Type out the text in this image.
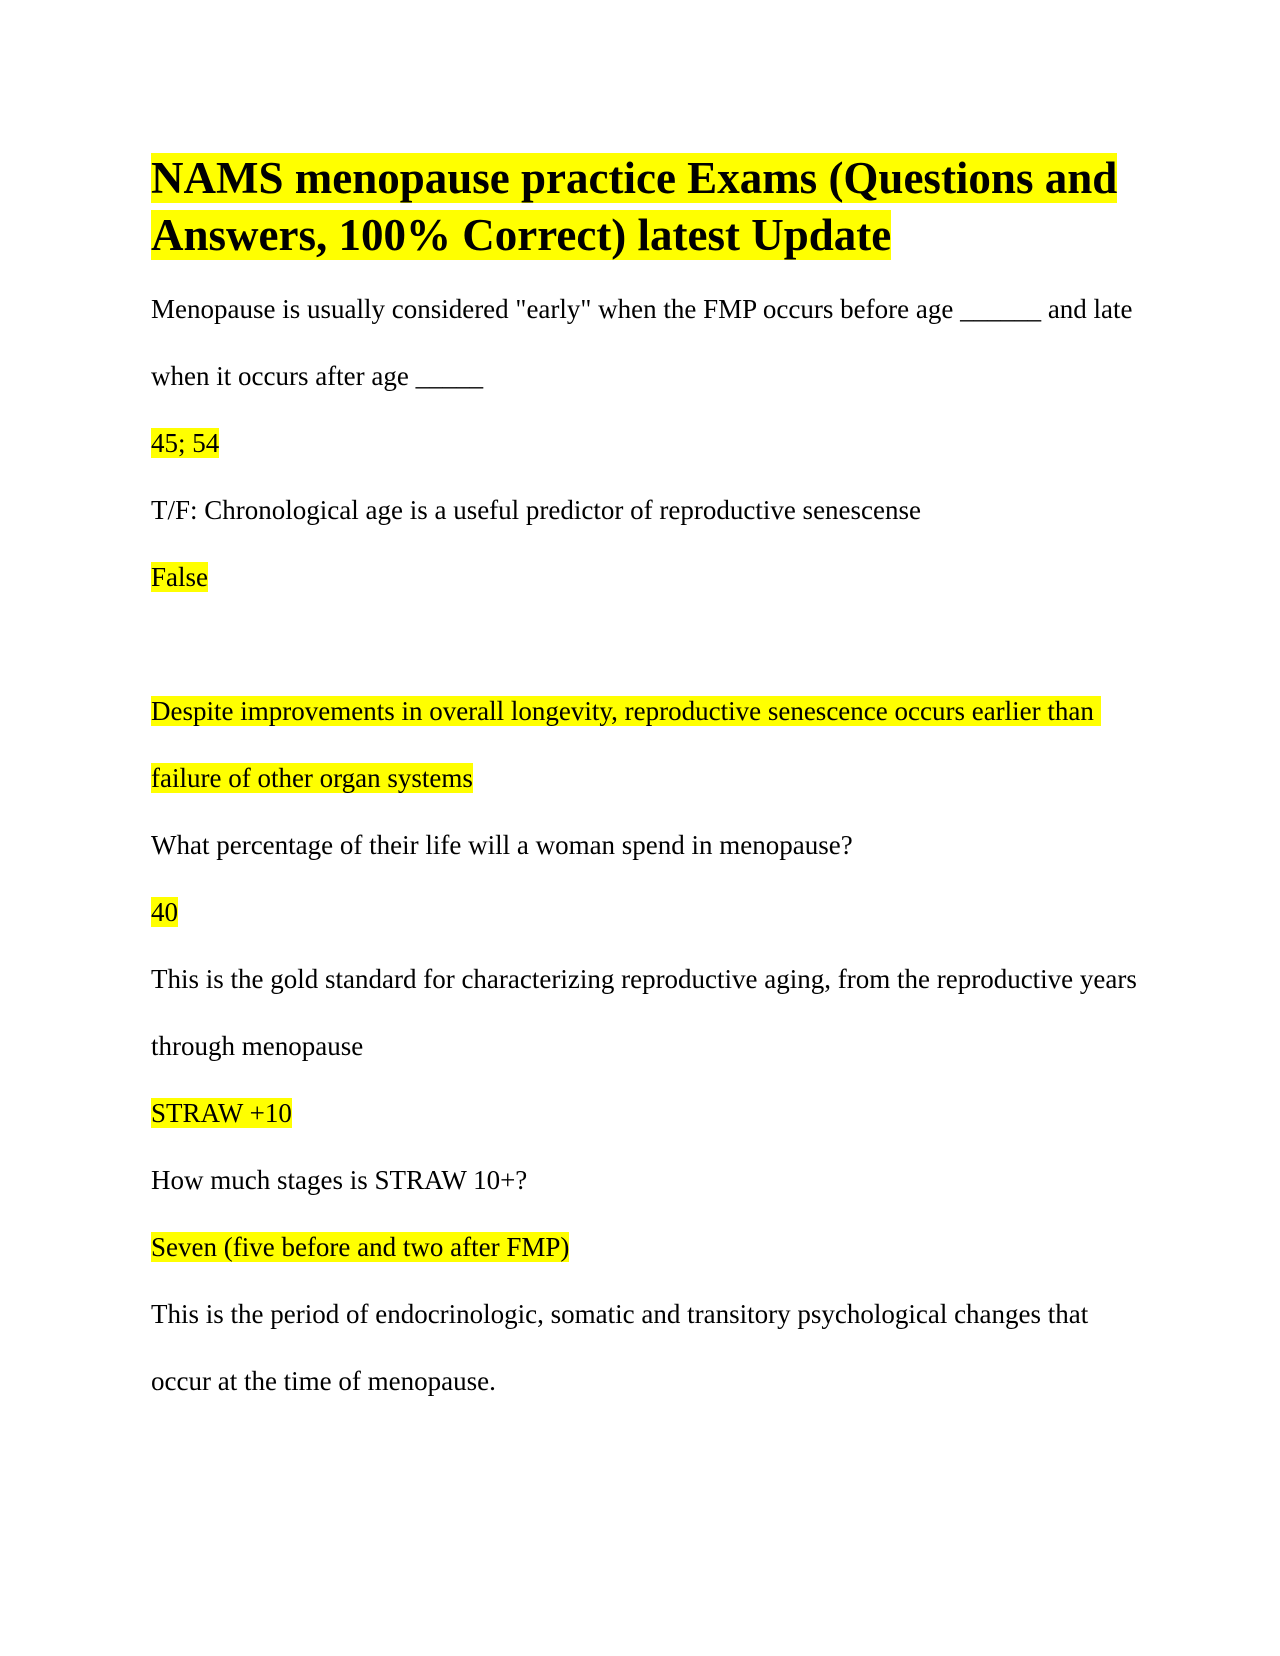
NAMS menopause practice Exams (Questions and Answers, 100% Correct) latest Update

Menopause is usually considered "early" when the FMP occurs before age ______ and late when it occurs after age _____

45; 54

T/F: Chronological age is a useful predictor of reproductive senescense

False

Despite improvements in overall longevity, reproductive senescence occurs earlier than failure of other organ systems

What percentage of their life will a woman spend in menopause?

40

This is the gold standard for characterizing reproductive aging, from the reproductive years through menopause

STRAW +10

How much stages is STRAW 10+?

Seven (five before and two after FMP)

This is the period of endocrinologic, somatic and transitory psychological changes that occur at the time of menopause.
